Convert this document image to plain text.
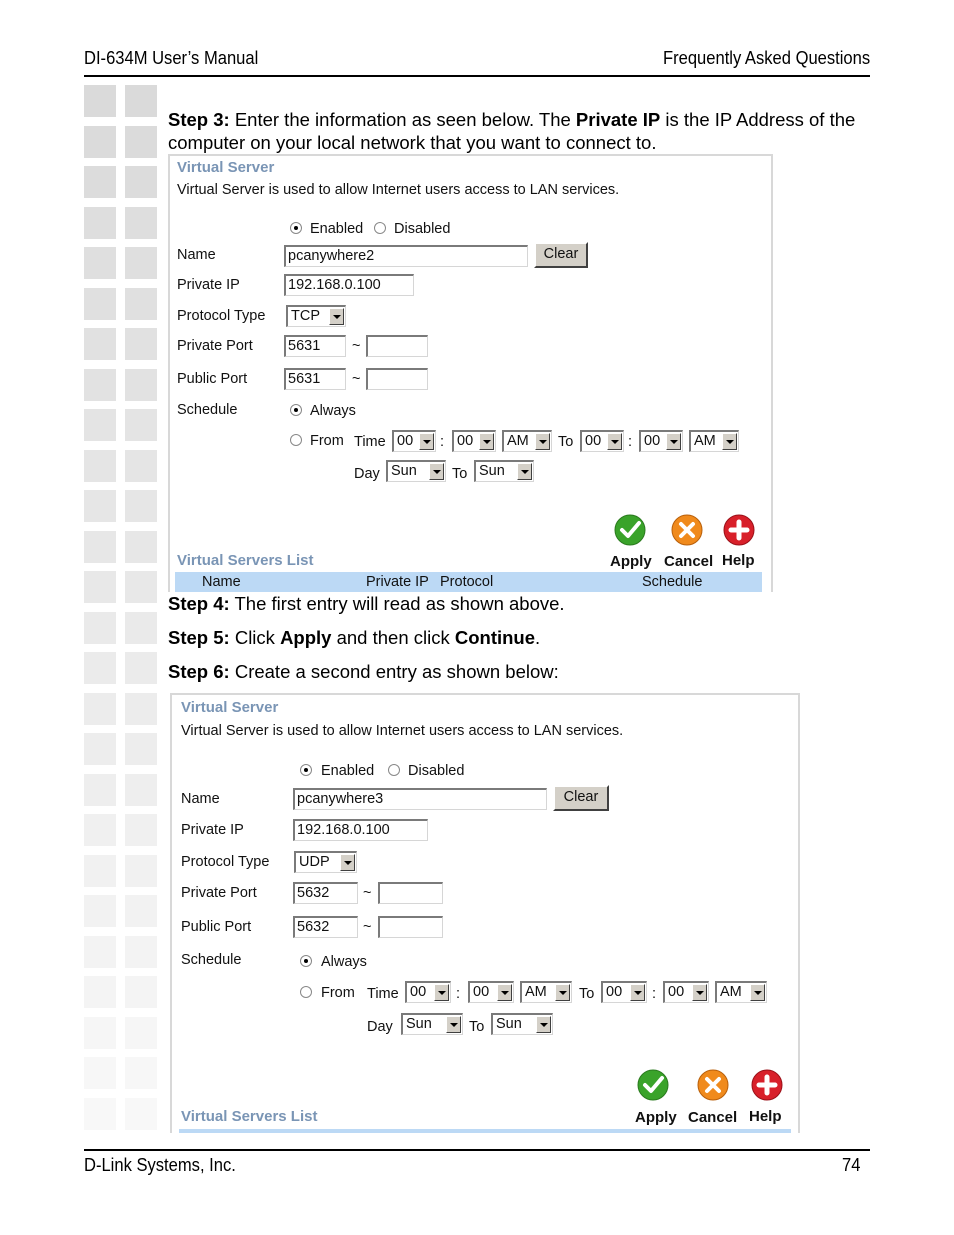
DI-634M User’s Manual	Frequently Asked Questions
Step 3: Enter the information as seen below. The Private IP is the IP Address of the computer on your local network that you want to connect to.
Virtual Server
Virtual Server is used to allow Internet users access to LAN services.
Enabled Disabled
Name	pcanywhere2	Clear
Private IP	192.168.0.100
Protocol Type	TCP
Private Port 5631	~
Public Port	5631	~
Schedule	Always
From Time 00	: 00	AM	To 00	: 00	AM
Day Sun	To Sun
Apply Cancel Help
Virtual Servers List
Name	Private IP Protocol	Schedule
Step 4: The first entry will read as shown above.
Step 5: Click Apply and then click Continue.
Step 6: Create a second entry as shown below:
Virtual Server
Virtual Server is used to allow Internet users access to LAN services.
Enabled Disabled
Name	pcanywhere3	Clear
Private IP	192.168.0.100
Protocol Type	UDP
Private Port	5632	~
Public Port	5632	~
Schedule	Always
From Time 00	: 00	AM	To 00	: 00	AM
Day Sun	To Sun
Apply Cancel Help
Virtual Servers List
D-Link Systems, Inc.	74
